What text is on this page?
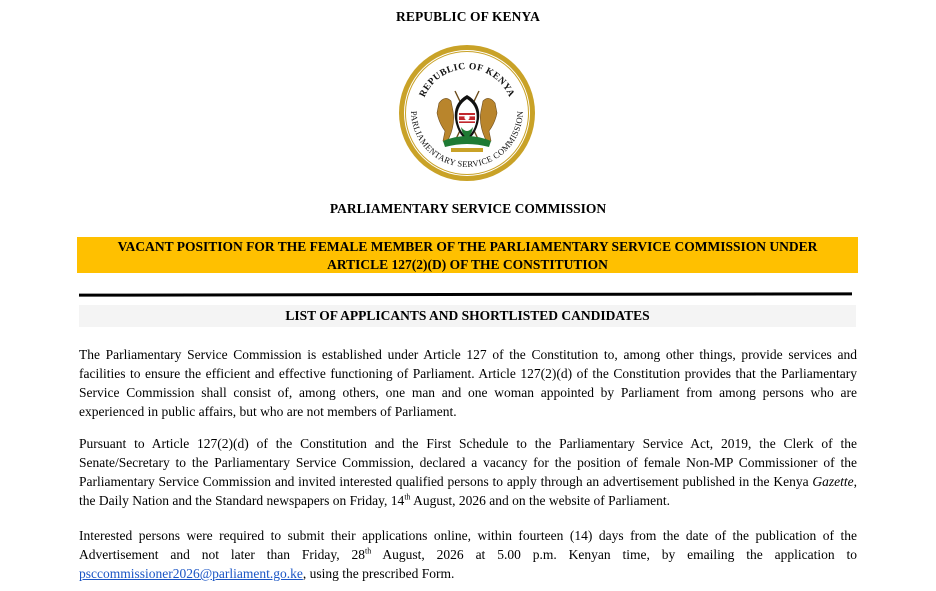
REPUBLIC OF KENYA
REPUBLIC OF KENYA
PARLIAMENTARY SERVICE COMMISSION
PARLIAMENTARY SERVICE COMMISSION
VACANT POSITION FOR THE FEMALE MEMBER OF THE PARLIAMENTARY SERVICE COMMISSION UNDER
ARTICLE 127(2)(D) OF THE CONSTITUTION
LIST OF APPLICANTS AND SHORTLISTED CANDIDATES

The Parliamentary Service Commission is established under Article 127 of the Constitution to, among other things, provide services and facilities to ensure the efficient and effective functioning of Parliament. Article 127(2)(d) of the Constitution provides that the Parliamentary Service Commission shall consist of, among others, one man and one woman appointed by Parliament from among persons who are experienced in public affairs, but who are not members of Parliament.

Pursuant to Article 127(2)(d) of the Constitution and the First Schedule to the Parliamentary Service Act, 2019, the Clerk of the Senate/Secretary to the Parliamentary Service Commission, declared a vacancy for the position of female Non-MP Commissioner of the Parliamentary Service Commission and invited interested qualified persons to apply through an advertisement published in the Kenya Gazette, the Daily Nation and the Standard newspapers on Friday, 14th August, 2026 and on the website of Parliament.

Interested persons were required to submit their applications online, within fourteen (14) days from the date of the publication of the Advertisement and not later than Friday, 28th August, 2026 at 5.00 p.m. Kenyan time, by emailing the application to psccommissioner2026@parliament.go.ke, using the prescribed Form.
